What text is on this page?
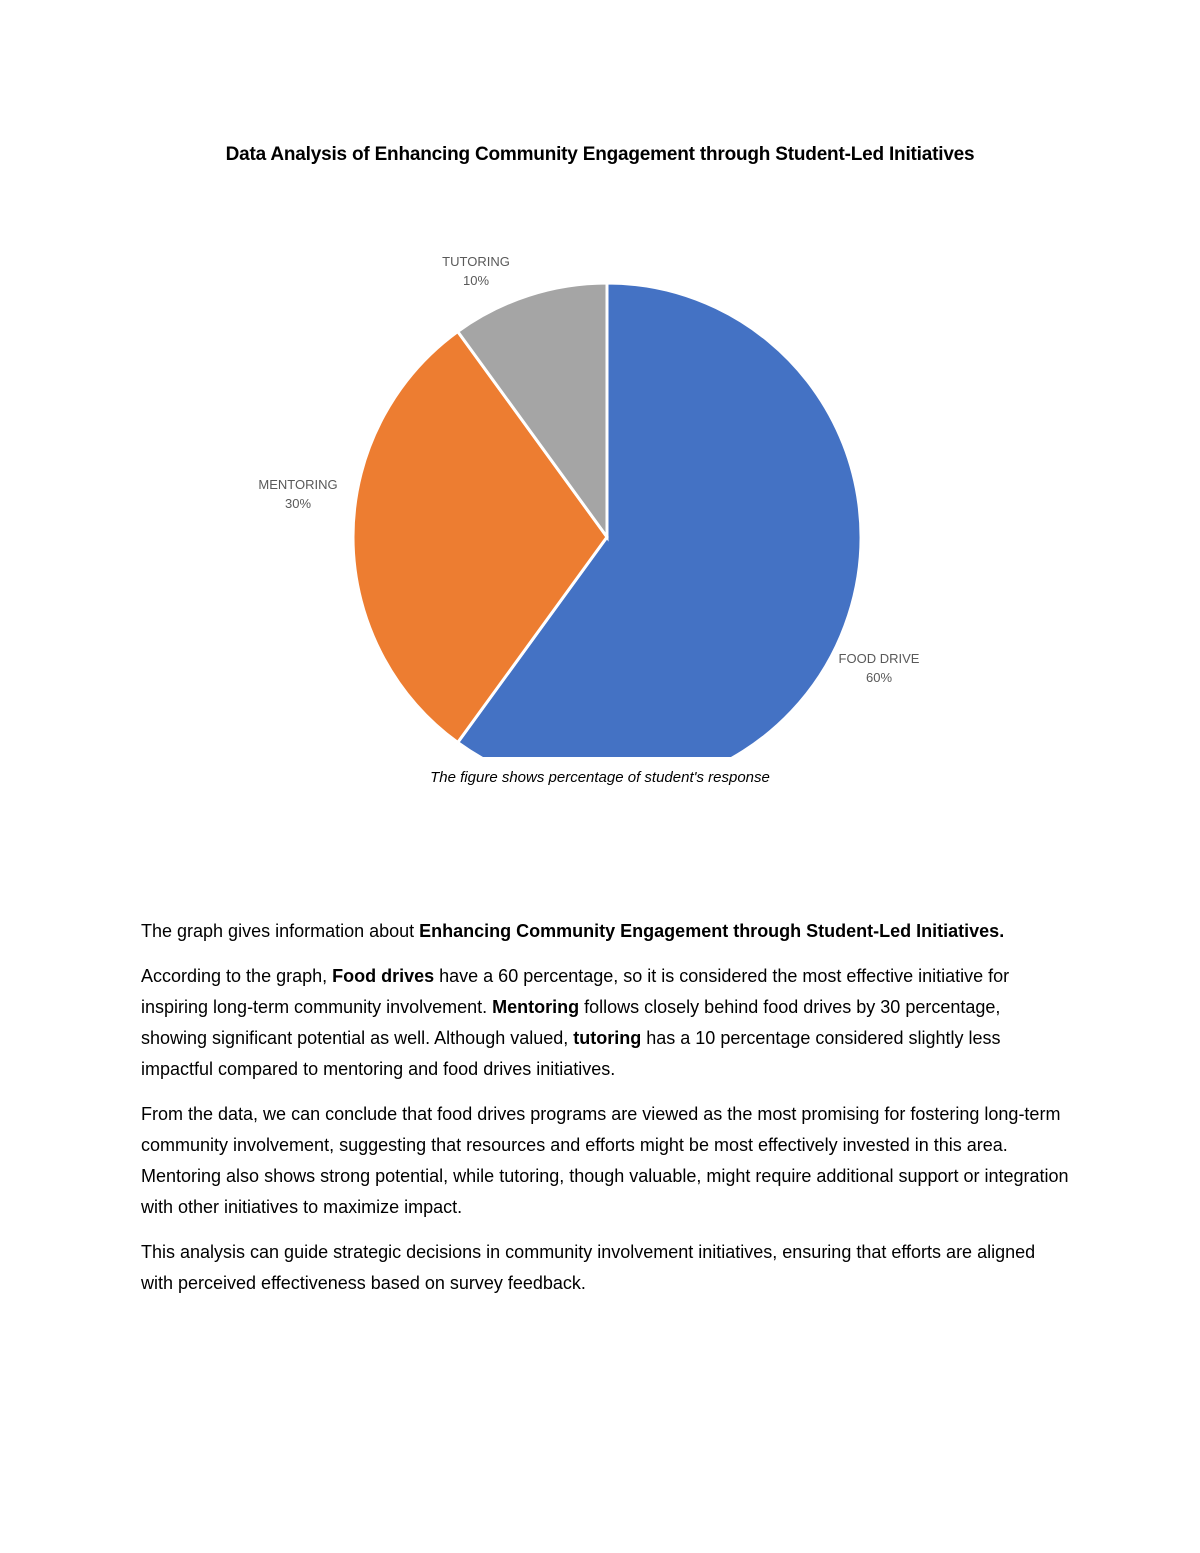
Data Analysis of Enhancing Community Engagement through Student-Led Initiatives
FOOD DRIVE
60%
MENTORING
30%
TUTORING
10%
The figure shows percentage of student's response

The graph gives information about Enhancing Community Engagement through Student-Led Initiatives.

According to the graph, Food drives have a 60 percentage, so it is considered the most effective initiative for inspiring long-term community involvement. Mentoring follows closely behind food drives by 30 percentage, showing significant potential as well. Although valued, tutoring has a 10 percentage considered slightly less impactful compared to mentoring and food drives initiatives.

From the data, we can conclude that food drives programs are viewed as the most promising for fostering long-term community involvement, suggesting that resources and efforts might be most effectively invested in this area. Mentoring also shows strong potential, while tutoring, though valuable, might require additional support or integration with other initiatives to maximize impact.

This analysis can guide strategic decisions in community involvement initiatives, ensuring that efforts are aligned with perceived effectiveness based on survey feedback.
